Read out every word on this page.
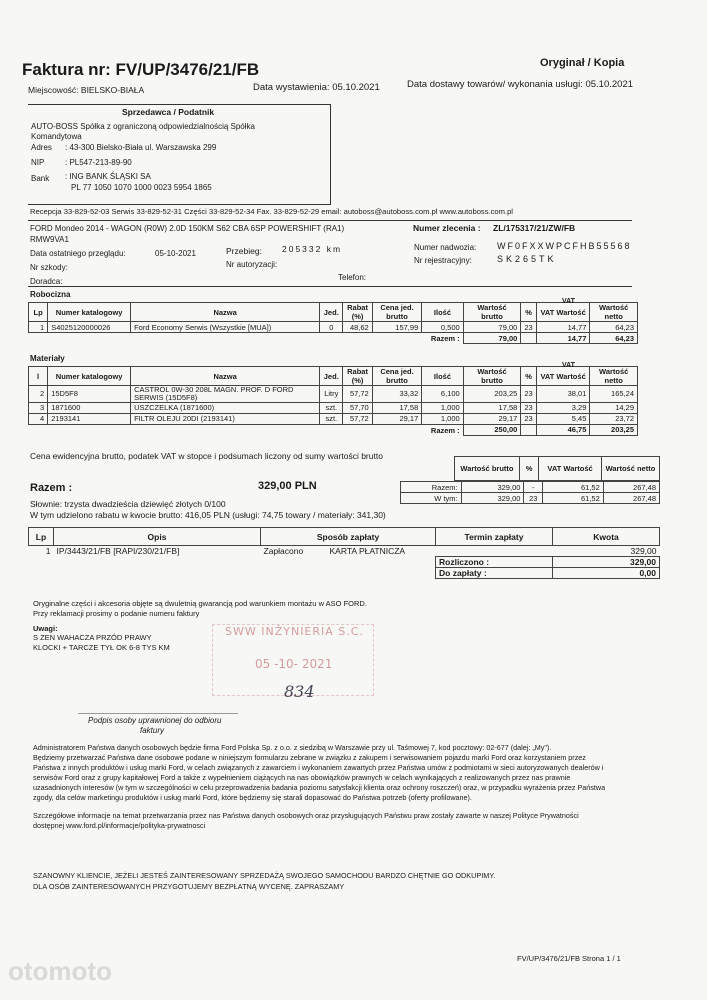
Faktura nr: FV/UP/3476/21/FB	Oryginał / Kopia
Miejscowość: BIELSKO-BIAŁA	Data wystawienia: 05.10.2021	Data dostawy towarów/ wykonania usługi: 05.10.2021
Sprzedawca / Podatnik
AUTO-BOSS Spółka z ograniczoną odpowiedzialnością Spółka
Komandytowa
Adres : 43-300 Bielsko-Biała ul. Warszawska 299
NIP	: PL547-213-89-90
Bank : ING BANK ŚLĄSKI SA
PL 77 1050 1070 1000 0023 5954 1865
Recepcja 33-829-52-03 Serwis 33-829-52-31 Części 33-829-52-34 Fax. 33-829-52-29 email: autoboss@autoboss.com.pl www.autoboss.com.pl
FORD Mondeo 2014 - WAGON (R0W) 2.0D 150KM S62 CBA 6SP POWERSHIFT (RA1)
RMW9VA1
Numer zlecenia : ZL/175317/21/ZW/FB
Data ostatniego przeglądu:	05-10-2021	Przebieg: 205332 km	Numer nadwozia: WF0FXXWPCFHB55568
Nr szkody:	Nr autoryzacji:	Nr rejestracyjny:	SK265TK
Doradca:	Telefon:
Robocizna
Lp	Numer katalogowy	Nazwa	Jed.	Rabat (%)	Cena jed. brutto	Ilość	Wartość brutto	%	VAT Wartość	Wartość netto
1	S4025120000026	Ford Economy Serwis (Wszystkie [MUA])	0	48,62	157,99	0,500	79,00	23	14,77	64,23
						Razem :	79,00		14,77	64,23
VAT
Materiały
l	Numer katalogowy	Nazwa	Jed.	Rabat (%)	Cena jed. brutto	Ilość	Wartość brutto	%	VAT Wartość	Wartość netto
2	15D5F8	CASTROL 0W-30 208L MAGN. PROF. D FORD
SERWIS (15D5F8)	Litry	57,72	33,32	6,100	203,25	23	38,01	165,24
3	1871600	USZCZELKA (1871600)	szt.	57,70	17,58	1,000	17,58	23	3,29	14,29
4	2193141	FILTR OLEJU 20DI (2193141)	szt.	57,72	29,17	1,000	29,17	23	5,45	23,72
						Razem :	250,00		46,75	203,25
VAT
Cena ewidencyjna brutto, podatek VAT w stopce i podsumach liczony od sumy wartości brutto
Wartość brutto	%	VAT Wartość	Wartość netto
Razem :	329,00 PLN
Słownie: trzysta dwadzieścia dziewięć złotych 0/100
W tym udzielono rabatu w kwocie brutto: 416,05 PLN (usługi: 74,75 towary / materiały: 341,30)
Razem:	329,00	-	61,52	267,48
W tym:	329,00	23	61,52	267,48
Lp	Opis	Sposób zapłaty		Termin zapłaty	Kwota
1	IP/3443/21/FB [RAPI/230/21/FB]	Zapłacono	KARTA PŁATNICZA		329,00
				Rozliczono :	329,00
				Do zapłaty :	0,00
Oryginalne części i akcesoria objęte są dwuletnią gwarancją pod warunkiem montażu w ASO FORD.
Przy reklamacji prosimy o podanie numeru faktury
Uwagi:
S ZEN WAHACZA PRZÓD PRAWY
KLOCKI + TARCZE TYŁ OK 6-8 TYS KM
SWW INŻYNIERIA S.C.
05 -10- 2021
834
Podpis osoby uprawnionej do odbioru
faktury
Administratorem Państwa danych osobowych będzie firma Ford Polska Sp. z o.o. z siedzibą w Warszawie przy ul. Taśmowej 7, kod pocztowy: 02-677 (dalej: „My").
Będziemy przetwarzać Państwa dane osobowe podane w niniejszym formularzu zebrane w związku z zakupem i serwisowaniem pojazdu marki Ford oraz korzystaniem przez
Państwa z innych produktów i usług marki Ford, w celach związanych z zawarciem i wykonaniem zawartych przez Państwa umów z podmiotami w sieci autoryzowanych dealerów i
serwisów Ford oraz z grupy kapitałowej Ford a także z wypełnieniem ciążących na nas obowiązków prawnych w celach wynikających z realizowanych przez nas prawnie
uzasadnionych interesów (w tym w szczególności w celu przeprowadzenia badania poziomu satysfakcji klienta oraz ochrony roszczeń) oraz, w przypadku wyrażenia przez Państwa
zgody, dla celów marketingu produktów i usług marki Ford, które będziemy się starali dopasować do Państwa potrzeb (oferty profilowane).
Szczegółowe informacje na temat przetwarzania przez nas Państwa danych osobowych oraz przysługujących Państwu praw zostały zawarte w naszej Polityce Prywatności
dostępnej www.ford.pl/informacje/polityka-prywatnosci
SZANOWNY KLIENCIE, JEŻELI JESTEŚ ZAINTERESOWANY SPRZEDAŻĄ SWOJEGO SAMOCHODU BARDZO CHĘTNIE GO ODKUPIMY.
DLA OSÓB ZAINTERESOWANYCH PRZYGOTUJEMY BEZPŁATNĄ WYCENĘ. ZAPRASZAMY
FV/UP/3476/21/FB Strona 1 / 1
otomoto
